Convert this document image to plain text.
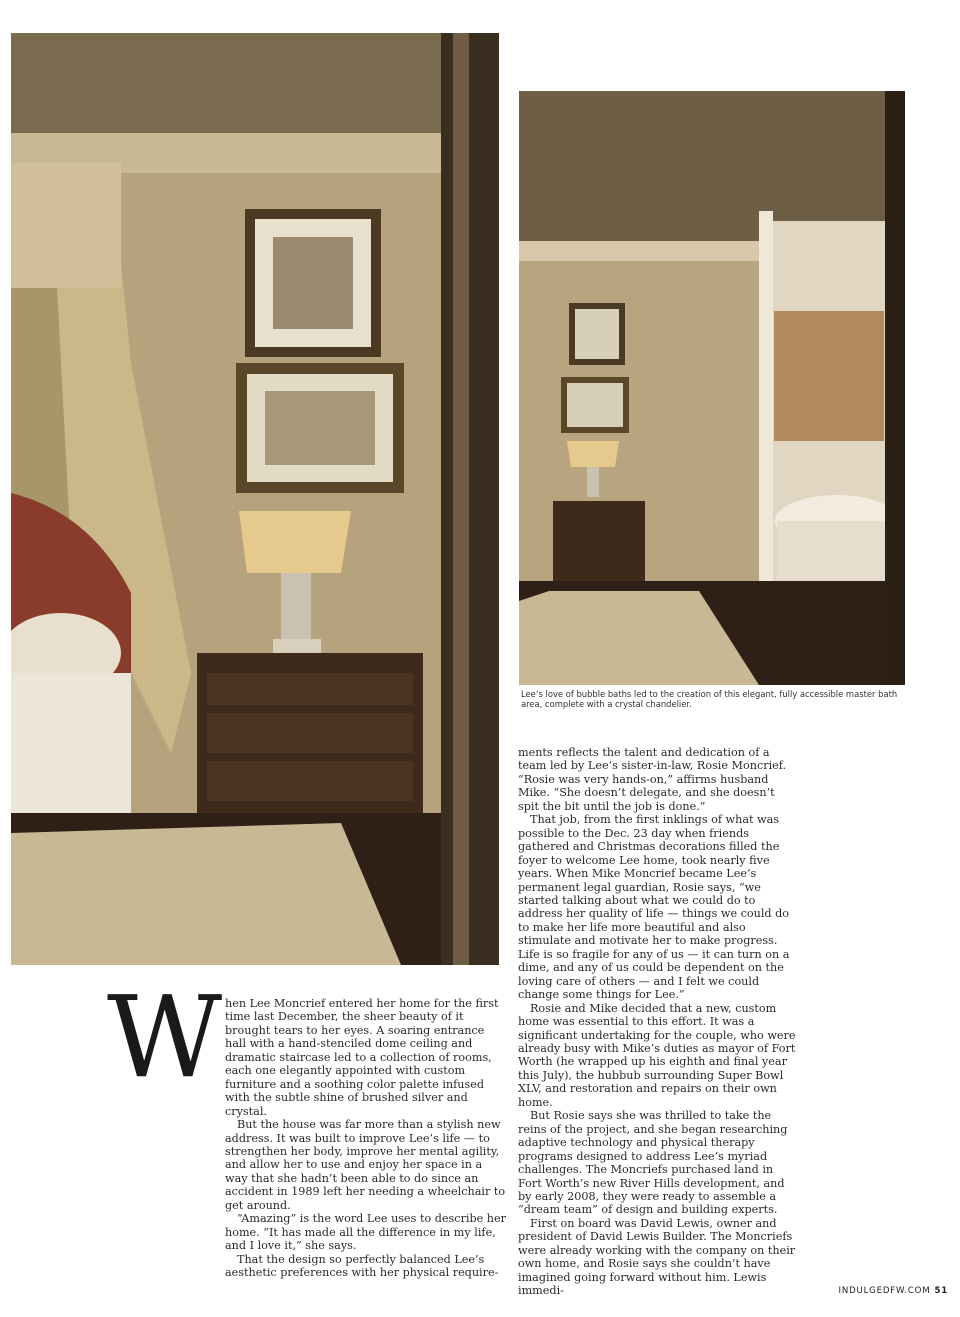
Lee’s love of bubble baths led to the creation of this elegant, fully accessible master bath area, complete with a crystal chandelier.
W hen Lee Moncrief entered her home for the first time last December, the sheer beauty of it brought tears to her eyes. A soaring entrance hall with a hand-stenciled dome ceiling and dramatic staircase led to a collection of rooms, each one elegantly appointed with custom furniture and a soothing color palette infused with the subtle shine of brushed silver and crystal.

But the house was far more than a stylish new address. It was built to improve Lee’s life — to strengthen her body, improve her mental agility, and allow her to use and enjoy her space in a way that she hadn’t been able to do since an accident in 1989 left her needing a wheelchair to get around.

“Amazing” is the word Lee uses to describe her home. “It has made all the difference in my life, and I love it,” she says.

That the design so perfectly balanced Lee’s aesthetic preferences with her physical require-

ments reflects the talent and dedication of a team led by Lee’s sister-in-law, Rosie Moncrief. “Rosie was very hands-on,” affirms husband Mike. “She doesn’t delegate, and she doesn’t spit the bit until the job is done.”

That job, from the first inklings of what was possible to the Dec. 23 day when friends gathered and Christmas decorations filled the foyer to welcome Lee home, took nearly five years. When Mike Moncrief became Lee’s permanent legal guardian, Rosie says, “we started talking about what we could do to address her quality of life — things we could do to make her life more beautiful and also stimulate and motivate her to make progress. Life is so fragile for any of us — it can turn on a dime, and any of us could be dependent on the loving care of others — and I felt we could change some things for Lee.”

Rosie and Mike decided that a new, custom home was essential to this effort. It was a significant undertaking for the couple, who were already busy with Mike’s duties as mayor of Fort Worth (he wrapped up his eighth and final year this July), the hubbub surrounding Super Bowl XLV, and restoration and repairs on their own home.

But Rosie says she was thrilled to take the reins of the project, and she began researching adaptive technology and physical therapy programs designed to address Lee’s myriad challenges. The Moncriefs purchased land in Fort Worth’s new River Hills development, and by early 2008, they were ready to assemble a “dream team” of design and building experts.

First on board was David Lewis, owner and president of David Lewis Builder. The Moncriefs were already working with the company on their own home, and Rosie says she couldn’t have imagined going forward without him. Lewis immedi-	INDULGEDFW.COM 51
